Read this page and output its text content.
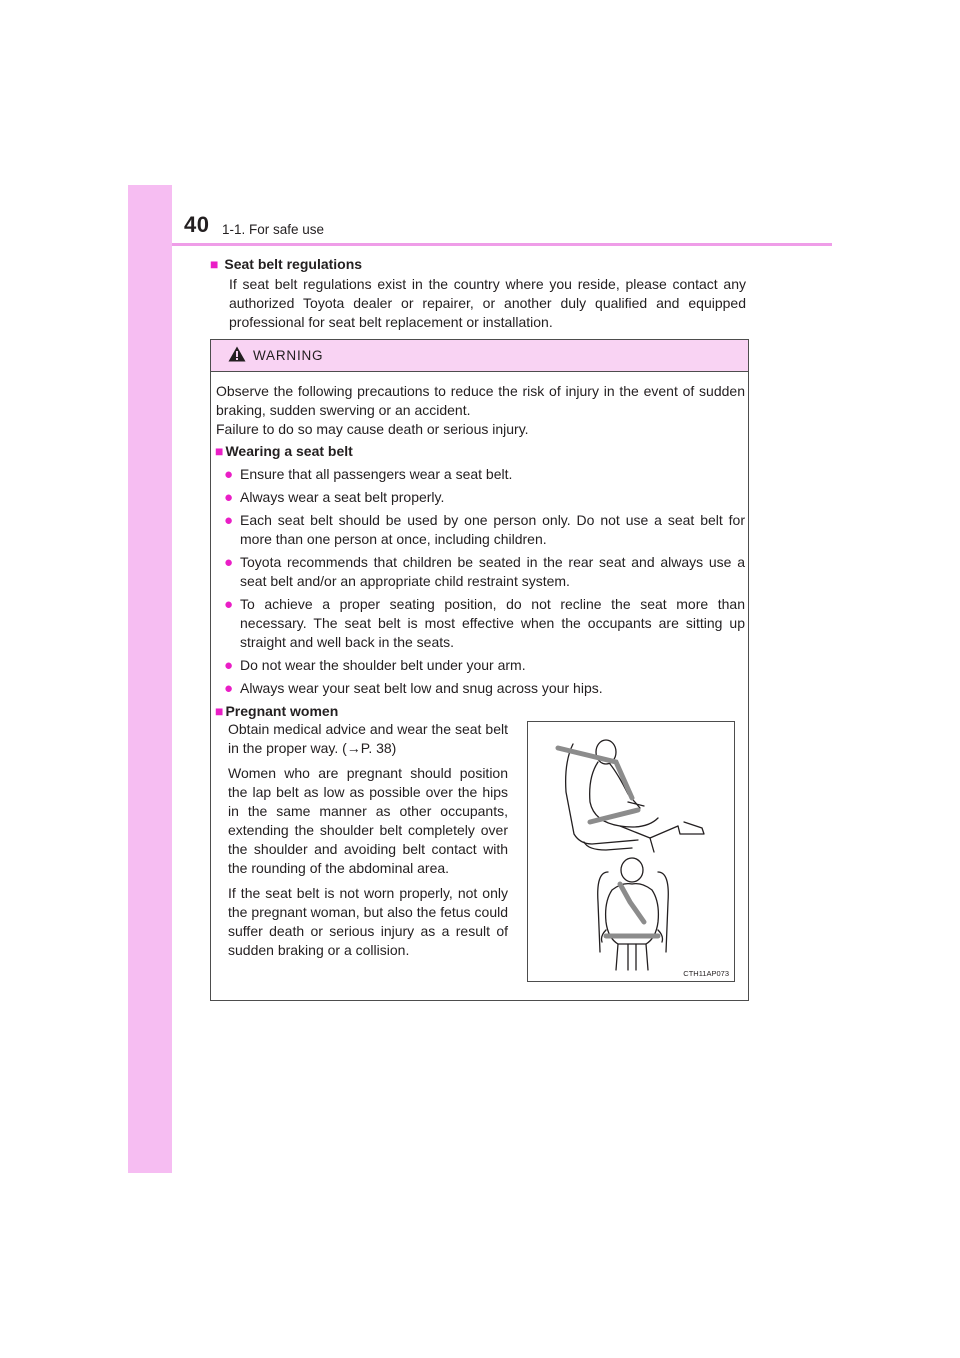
40 1-1. For safe use
■ Seat belt regulations
If seat belt regulations exist in the country where you reside, please contact any authorized Toyota dealer or repairer, or another duly qualified and equipped professional for seat belt replacement or installation.
WARNING
Observe the following precautions to reduce the risk of injury in the event of sudden braking, sudden swerving or an accident.
Failure to do so may cause death or serious injury.
■ Wearing a seat belt
● Ensure that all passengers wear a seat belt.
● Always wear a seat belt properly.
● Each seat belt should be used by one person only. Do not use a seat belt for more than one person at once, including children.
● Toyota recommends that children be seated in the rear seat and always use a seat belt and/or an appropriate child restraint system.
● To achieve a proper seating position, do not recline the seat more than necessary. The seat belt is most effective when the occupants are sitting up straight and well back in the seats.
● Do not wear the shoulder belt under your arm.
● Always wear your seat belt low and snug across your hips.
■ Pregnant women

Obtain medical advice and wear the seat belt in the proper way. (→P. 38)

Women who are pregnant should position the lap belt as low as possible over the hips in the same manner as other occupants, extending the shoulder belt completely over the shoulder and avoiding belt contact with the rounding of the abdominal area.

If the seat belt is not worn properly, not only the pregnant woman, but also the fetus could suffer death or serious injury as a result of sudden braking or a collision.

CTH11AP073
